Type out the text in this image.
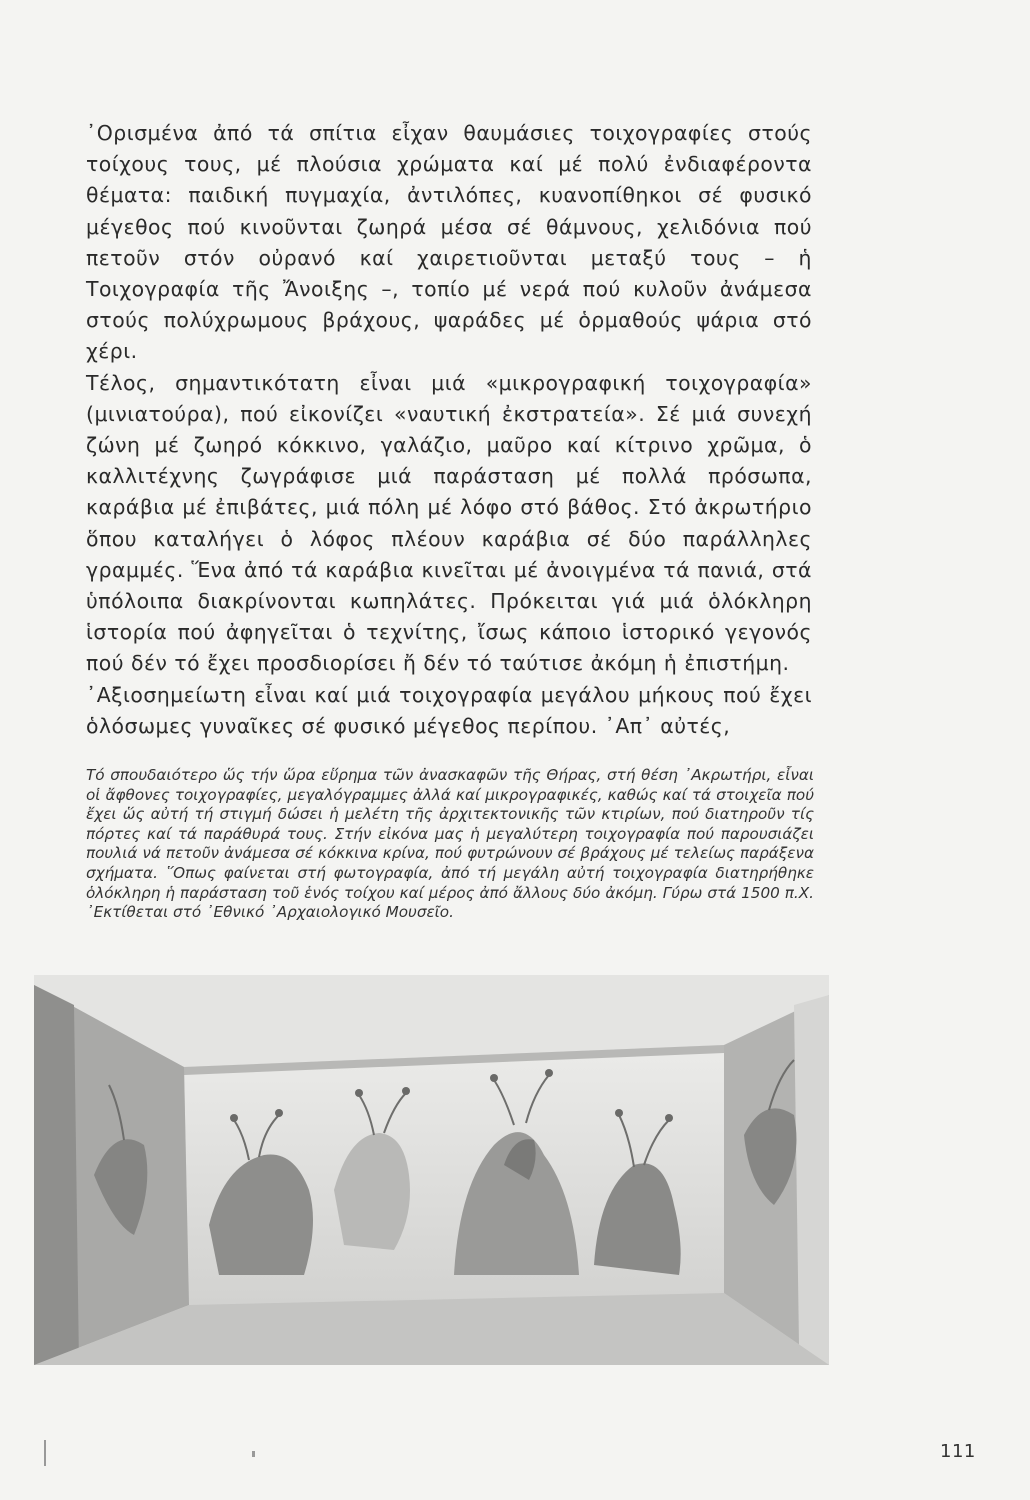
᾿Ορισμένα ἀπό τά σπίτια εἶχαν θαυμάσιες τοιχογραφίες στούς τοίχους τους, μέ πλούσια χρώματα καί μέ πολύ ἐνδιαφέροντα θέματα: παιδική πυγμαχία, ἀντιλόπες, κυανοπίθηκοι σέ φυσικό μέγεθος πού κινοῦνται ζωηρά μέσα σέ θάμνους, χελιδόνια πού πετοῦν στόν οὐρανό καί χαιρετιοῦνται μεταξύ τους – ἡ Τοιχογραφία τῆς Ἄνοιξης –, τοπίο μέ νερά πού κυλοῦν ἀνάμεσα στούς πολύχρωμους βράχους, ψαράδες μέ ὁρμαθούς ψάρια στό χέρι.

Τέλος, σημαντικότατη εἶναι μιά «μικρογραφική τοιχογραφία» (μινιατούρα), πού εἰκονίζει «ναυτική ἐκστρατεία». Σέ μιά συνεχή ζώνη μέ ζωηρό κόκκινο, γαλάζιο, μαῦρο καί κίτρινο χρῶμα, ὁ καλλιτέχνης ζωγράφισε μιά παράσταση μέ πολλά πρόσωπα, καράβια μέ ἐπιβάτες, μιά πόλη μέ λόφο στό βάθος. Στό ἀκρωτήριο ὅπου καταλήγει ὁ λόφος πλέουν καράβια σέ δύο παράλληλες γραμμές. Ἕνα ἀπό τά καράβια κινεῖται μέ ἀνοιγμένα τά πανιά, στά ὑπόλοιπα διακρίνονται κωπηλάτες. Πρόκειται γιά μιά ὁλόκληρη ἱστορία πού ἀφηγεῖται ὁ τεχνίτης, ἴσως κάποιο ἱστορικό γεγονός πού δέν τό ἔχει προσδιορίσει ἤ δέν τό ταύτισε ἀκόμη ἡ ἐπιστήμη.

᾿Αξιοσημείωτη εἶναι καί μιά τοιχογραφία μεγάλου μήκους πού ἔχει ὁλόσωμες γυναῖκες σέ φυσικό μέγεθος περίπου. ᾿Απ᾿ αὐτές,

Τό σπουδαιότερο ὥς τήν ὥρα εὕρημα τῶν ἀνασκαφῶν τῆς Θήρας, στή θέση ᾿Ακρωτήρι, εἶναι οἱ ἄφθονες τοιχογραφίες, μεγαλόγραμμες ἀλλά καί μικρογραφικές, καθώς καί τά στοιχεῖα πού ἔχει ὥς αὐτή τή στιγμή δώσει ἡ μελέτη τῆς ἀρχιτεκτονικῆς τῶν κτιρίων, πού διατηροῦν τίς πόρτες καί τά παράθυρά τους. Στήν εἰκόνα μας ἡ μεγαλύτερη τοιχογραφία πού παρουσιάζει πουλιά νά πετοῦν ἀνάμεσα σέ κόκκινα κρίνα, πού φυτρώνουν σέ βράχους μέ τελείως παράξενα σχήματα. ῞Οπως φαίνεται στή φωτογραφία, ἀπό τή μεγάλη αὐτή τοιχογραφία διατηρήθηκε ὁλόκληρη ἡ παράσταση τοῦ ἑνός τοίχου καί μέρος ἀπό ἄλλους δύο ἀκόμη. Γύρω στά 1500 π.Χ. ᾿Εκτίθεται στό ᾿Εθνικό ᾿Αρχαιολογικό Μουσεῖο.
111
